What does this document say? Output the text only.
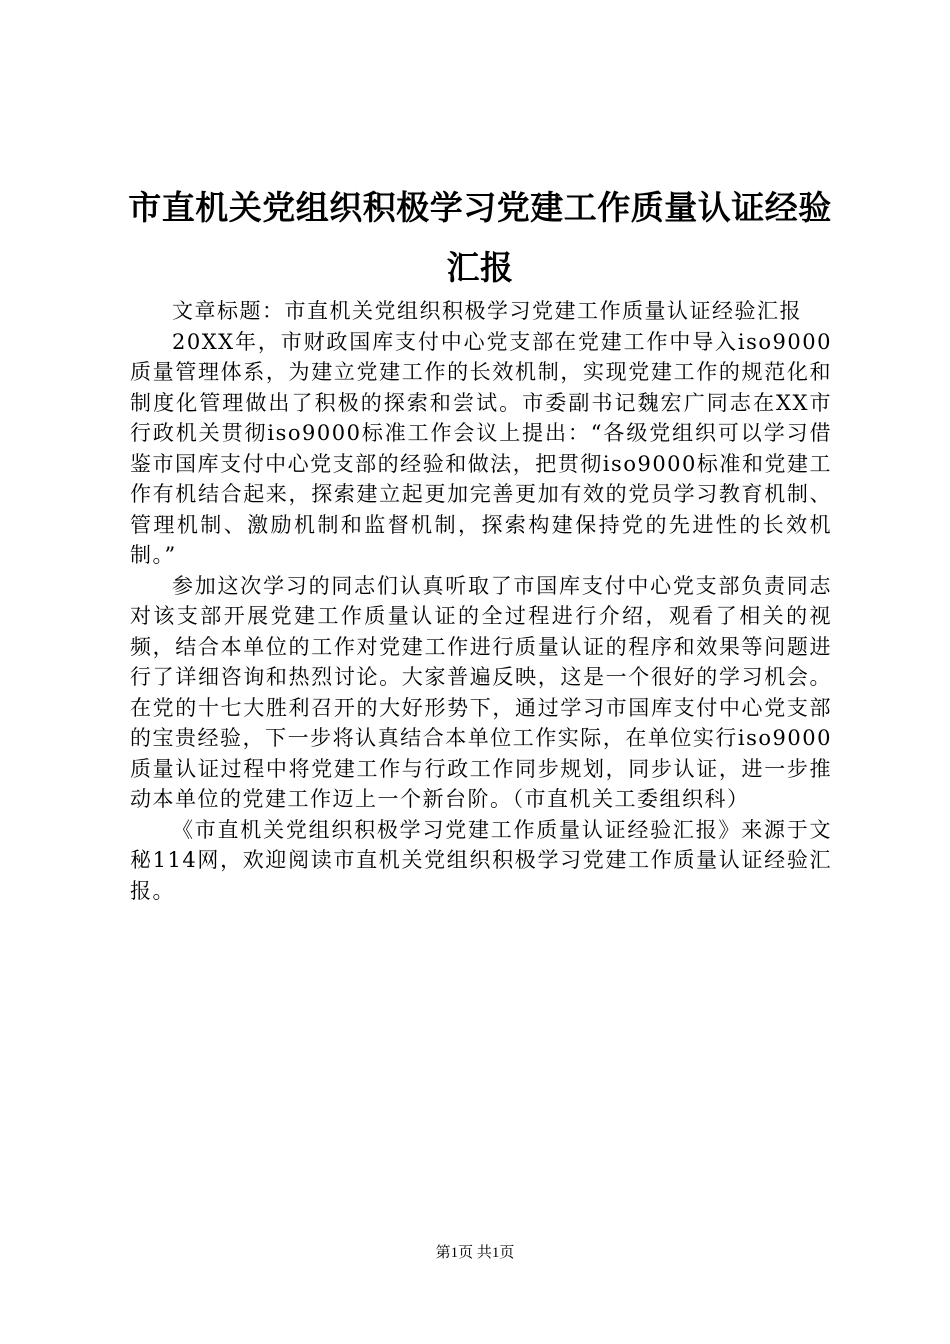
市直机关党组织积极学习党建工作质量认证经验汇报

文章标题：市直机关党组织积极学习党建工作质量认证经验汇报

20XX年，市财政国库支付中心党支部在党建工作中导入iso9000质量管理体系，为建立党建工作的长效机制，实现党建工作的规范化和制度化管理做出了积极的探索和尝试。市委副书记魏宏广同志在XX市行政机关贯彻iso9000标准工作会议上提出：“各级党组织可以学习借鉴市国库支付中心党支部的经验和做法，把贯彻iso9000标准和党建工作有机结合起来，探索建立起更加完善更加有效的党员学习教育机制、管理机制、激励机制和监督机制，探索构建保持党的先进性的长效机制。”

参加这次学习的同志们认真听取了市国库支付中心党支部负责同志对该支部开展党建工作质量认证的全过程进行介绍，观看了相关的视频，结合本单位的工作对党建工作进行质量认证的程序和效果等问题进行了详细咨询和热烈讨论。大家普遍反映，这是一个很好的学习机会。在党的十七大胜利召开的大好形势下，通过学习市国库支付中心党支部的宝贵经验，下一步将认真结合本单位工作实际，在单位实行iso9000质量认证过程中将党建工作与行政工作同步规划，同步认证，进一步推动本单位的党建工作迈上一个新台阶。（市直机关工委组织科）

《市直机关党组织积极学习党建工作质量认证经验汇报》来源于文秘114网，欢迎阅读市直机关党组织积极学习党建工作质量认证经验汇报。

第1页 共1页
